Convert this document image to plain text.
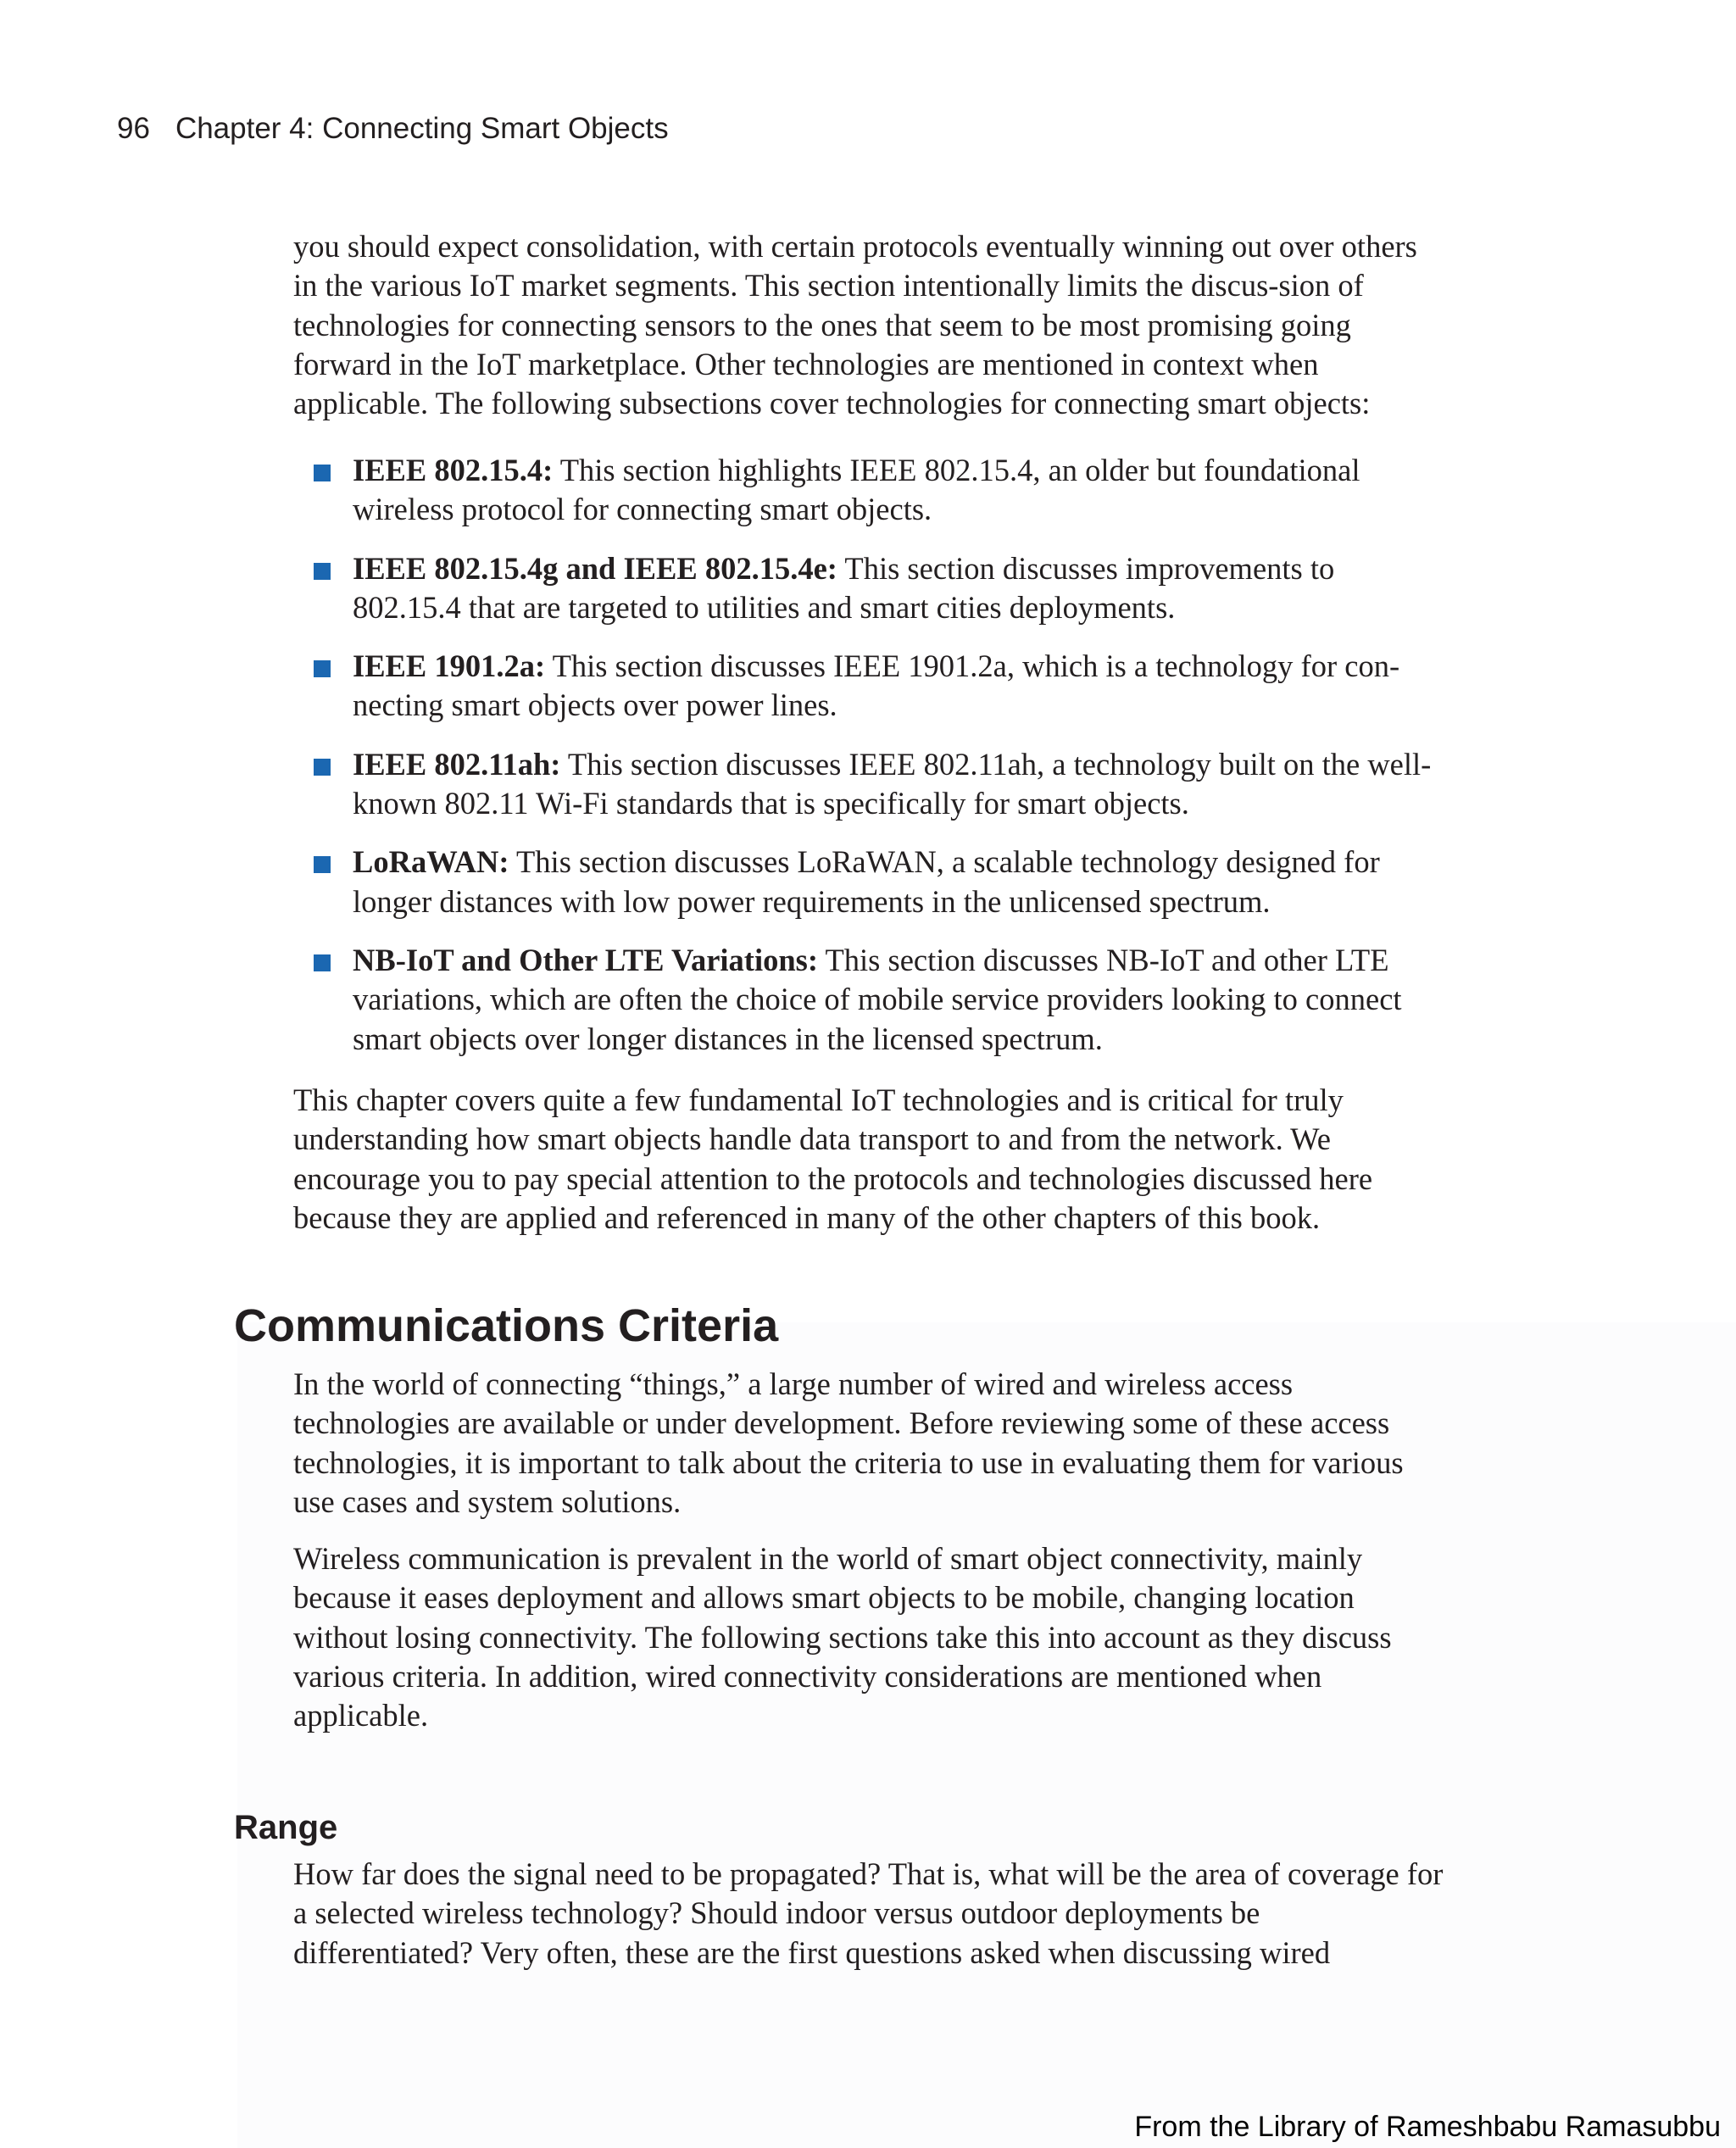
96 Chapter 4: Connecting Smart Objects

you should expect consolidation, with certain protocols eventually winning out over others in the various IoT market segments. This section intentionally limits the discus-sion of technologies for connecting sensors to the ones that seem to be most promising going forward in the IoT marketplace. Other technologies are mentioned in context when applicable. The following subsections cover technologies for connecting smart objects:

IEEE 802.15.4: This section highlights IEEE 802.15.4, an older but foundational wireless protocol for connecting smart objects.
IEEE 802.15.4g and IEEE 802.15.4e: This section discusses improvements to 802.15.4 that are targeted to utilities and smart cities deployments.
IEEE 1901.2a: This section discusses IEEE 1901.2a, which is a technology for con-necting smart objects over power lines.
IEEE 802.11ah: This section discusses IEEE 802.11ah, a technology built on the well-known 802.11 Wi-Fi standards that is specifically for smart objects.
LoRaWAN: This section discusses LoRaWAN, a scalable technology designed for longer distances with low power requirements in the unlicensed spectrum.
NB-IoT and Other LTE Variations: This section discusses NB-IoT and other LTE variations, which are often the choice of mobile service providers looking to connect smart objects over longer distances in the licensed spectrum.

This chapter covers quite a few fundamental IoT technologies and is critical for truly understanding how smart objects handle data transport to and from the network. We encourage you to pay special attention to the protocols and technologies discussed here because they are applied and referenced in many of the other chapters of this book.

Communications Criteria

In the world of connecting “things,” a large number of wired and wireless access technologies are available or under development. Before reviewing some of these access technologies, it is important to talk about the criteria to use in evaluating them for various use cases and system solutions.

Wireless communication is prevalent in the world of smart object connectivity, mainly because it eases deployment and allows smart objects to be mobile, changing location without losing connectivity. The following sections take this into account as they discuss various criteria. In addition, wired connectivity considerations are mentioned when applicable.

Range

How far does the signal need to be propagated? That is, what will be the area of coverage for a selected wireless technology? Should indoor versus outdoor deployments be differentiated? Very often, these are the first questions asked when discussing wired

From the Library of Rameshbabu Ramasubbu
